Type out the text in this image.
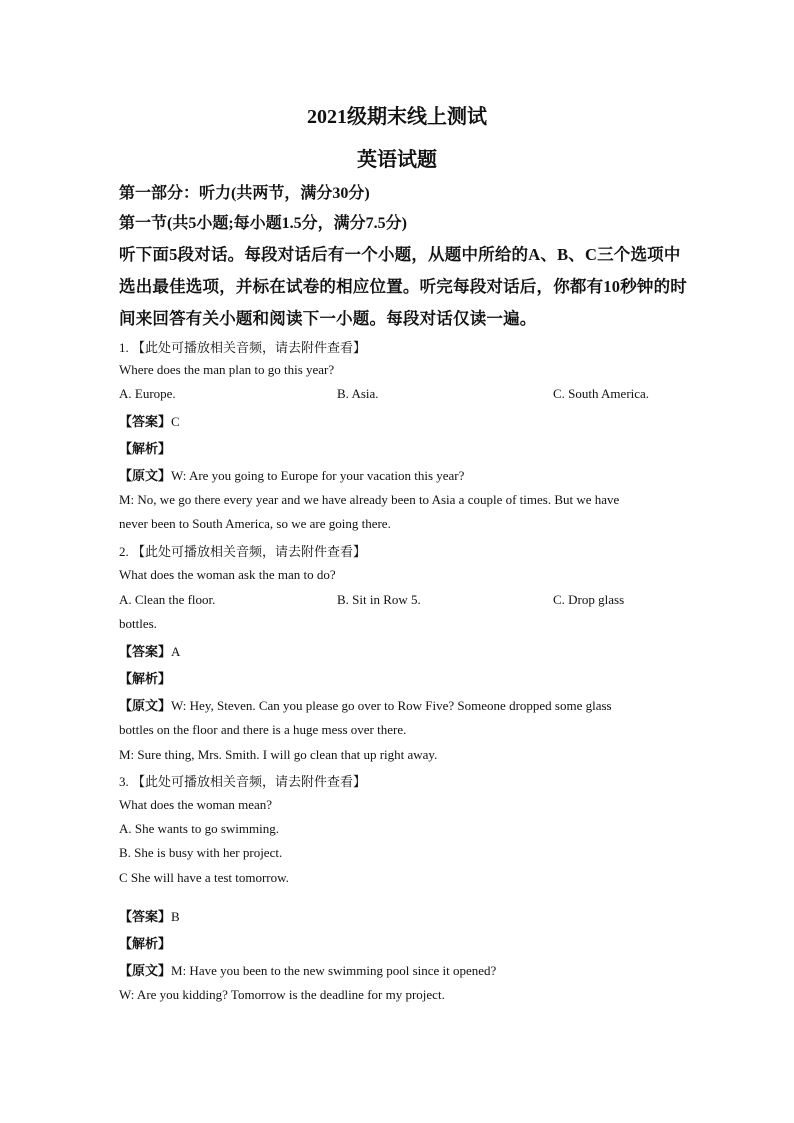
2021级期末线上测试
英语试题
第一部分：听力(共两节，满分30分)
第一节(共5小题;每小题1.5分，满分7.5分)
听下面5段对话。每段对话后有一个小题，从题中所给的A、B、C三个选项中
选出最佳选项，并标在试卷的相应位置。听完每段对话后，你都有10秒钟的时
间来回答有关小题和阅读下一小题。每段对话仅读一遍。
1. 【此处可播放相关音频，请去附件查看】
Where does the man plan to go this year?
A. Europe.	B. Asia.	C. South America.
【答案】C
【解析】
【原文】W: Are you going to Europe for your vacation this year?
M: No, we go there every year and we have already been to Asia a couple of times. But we have
never been to South America, so we are going there.
2. 【此处可播放相关音频，请去附件查看】
What does the woman ask the man to do?
A. Clean the floor.	B. Sit in Row 5.	C. Drop glass
bottles.
【答案】A
【解析】
【原文】W: Hey, Steven. Can you please go over to Row Five? Someone dropped some glass
bottles on the floor and there is a huge mess over there.
M: Sure thing, Mrs. Smith. I will go clean that up right away.
3. 【此处可播放相关音频，请去附件查看】
What does the woman mean?
A. She wants to go swimming.
B. She is busy with her project.
C She will have a test tomorrow.
【答案】B
【解析】
【原文】M: Have you been to the new swimming pool since it opened?
W: Are you kidding? Tomorrow is the deadline for my project.
